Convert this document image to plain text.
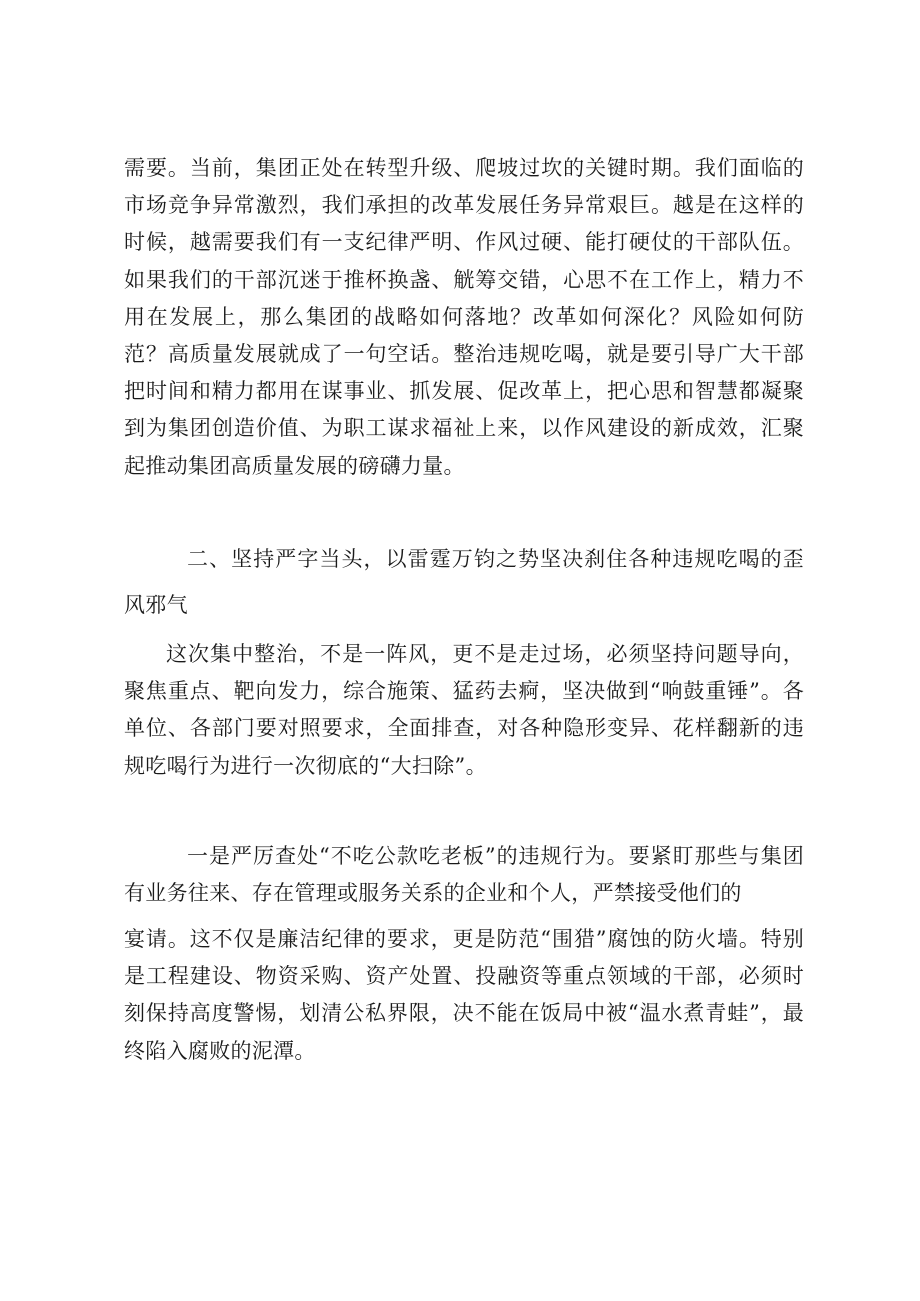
需要。当前，集团正处在转型升级、爬坡过坎的关键时期。我们面临的市场竞争异常激烈，我们承担的改革发展任务异常艰巨。越是在这样的时候，越需要我们有一支纪律严明、作风过硬、能打硬仗的干部队伍。如果我们的干部沉迷于推杯换盏、觥筹交错，心思不在工作上，精力不用在发展上，那么集团的战略如何落地？改革如何深化？风险如何防范？高质量发展就成了一句空话。整治违规吃喝，就是要引导广大干部把时间和精力都用在谋事业、抓发展、促改革上，把心思和智慧都凝聚到为集团创造价值、为职工谋求福祉上来，以作风建设的新成效，汇聚起推动集团高质量发展的磅礴力量。

二、坚持严字当头，以雷霆万钧之势坚决刹住各种违规吃喝的歪风邪气

这次集中整治，不是一阵风，更不是走过场，必须坚持问题导向，聚焦重点、靶向发力，综合施策、猛药去痾，坚决做到“响鼓重锤”。各单位、各部门要对照要求，全面排查，对各种隐形变异、花样翻新的违规吃喝行为进行一次彻底的“大扫除”。

一是严厉查处“不吃公款吃老板”的违规行为。要紧盯那些与集团有业务往来、存在管理或服务关系的企业和个人，严禁接受他们的

宴请。这不仅是廉洁纪律的要求，更是防范“围猎”腐蚀的防火墙。特别是工程建设、物资采购、资产处置、投融资等重点领域的干部，必须时刻保持高度警惕，划清公私界限，决不能在饭局中被“温水煮青蛙”，最终陷入腐败的泥潭。
